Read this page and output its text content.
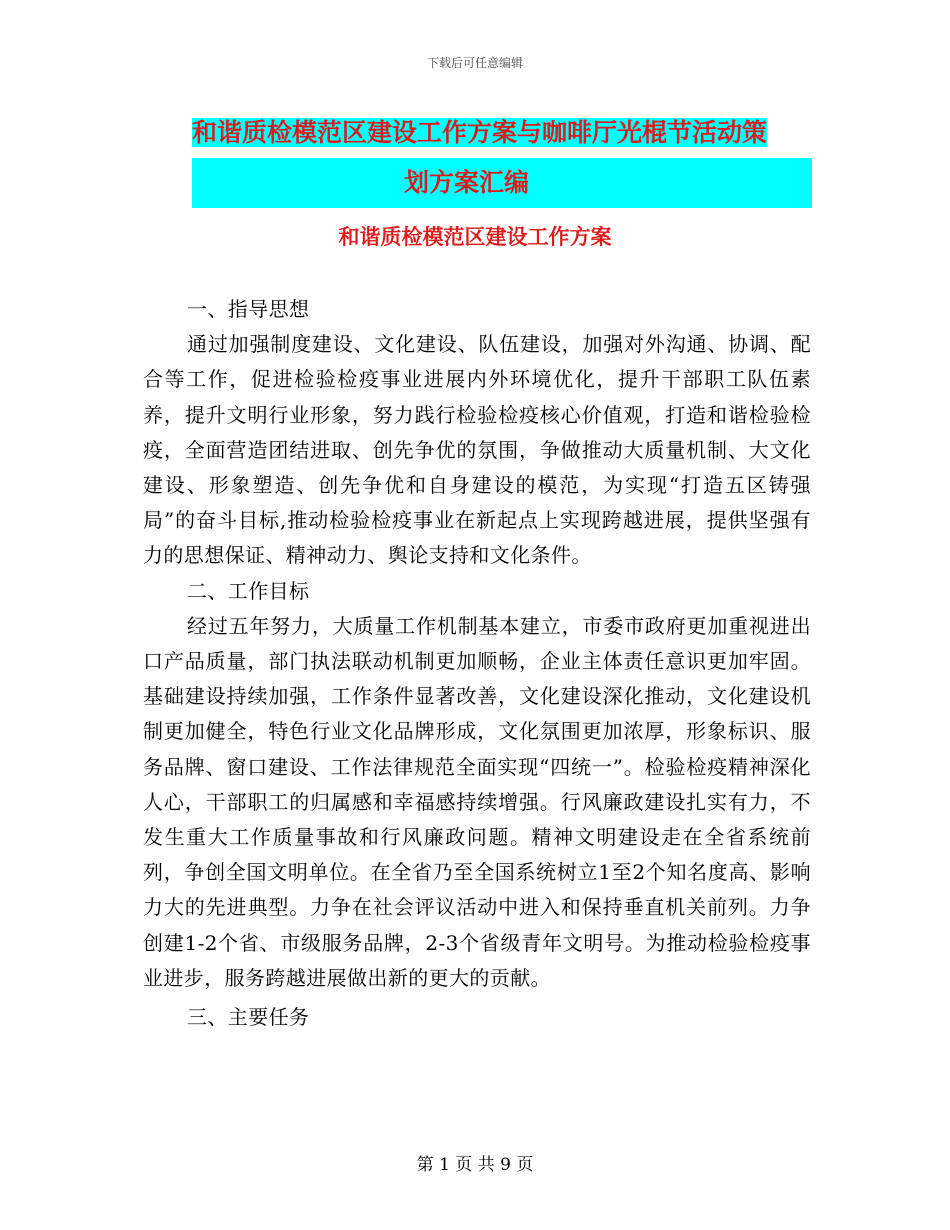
下载后可任意编辑
和谐质检模范区建设工作方案与咖啡厅光棍节活动策
划方案汇编
和谐质检模范区建设工作方案

一、指导思想

通过加强制度建设、文化建设、队伍建设，加强对外沟通、协调、配合等工作，促进检验检疫事业进展内外环境优化，提升干部职工队伍素养，提升文明行业形象，努力践行检验检疫核心价值观，打造和谐检验检疫，全面营造团结进取、创先争优的氛围，争做推动大质量机制、大文化建设、形象塑造、创先争优和自身建设的模范，为实现“打造五区铸强局”的奋斗目标,推动检验检疫事业在新起点上实现跨越进展，提供坚强有力的思想保证、精神动力、舆论支持和文化条件。

二、工作目标

经过五年努力，大质量工作机制基本建立，市委市政府更加重视进出口产品质量，部门执法联动机制更加顺畅，企业主体责任意识更加牢固。基础建设持续加强，工作条件显著改善，文化建设深化推动，文化建设机制更加健全，特色行业文化品牌形成，文化氛围更加浓厚，形象标识、服务品牌、窗口建设、工作法律规范全面实现“四统一”。检验检疫精神深化人心，干部职工的归属感和幸福感持续增强。行风廉政建设扎实有力，不发生重大工作质量事故和行风廉政问题。精神文明建设走在全省系统前列，争创全国文明单位。在全省乃至全国系统树立1至2个知名度高、影响力大的先进典型。力争在社会评议活动中进入和保持垂直机关前列。力争创建1-2个省、市级服务品牌，2-3个省级青年文明号。为推动检验检疫事业进步，服务跨越进展做出新的更大的贡献。

三、主要任务

第 1 页 共 9 页
